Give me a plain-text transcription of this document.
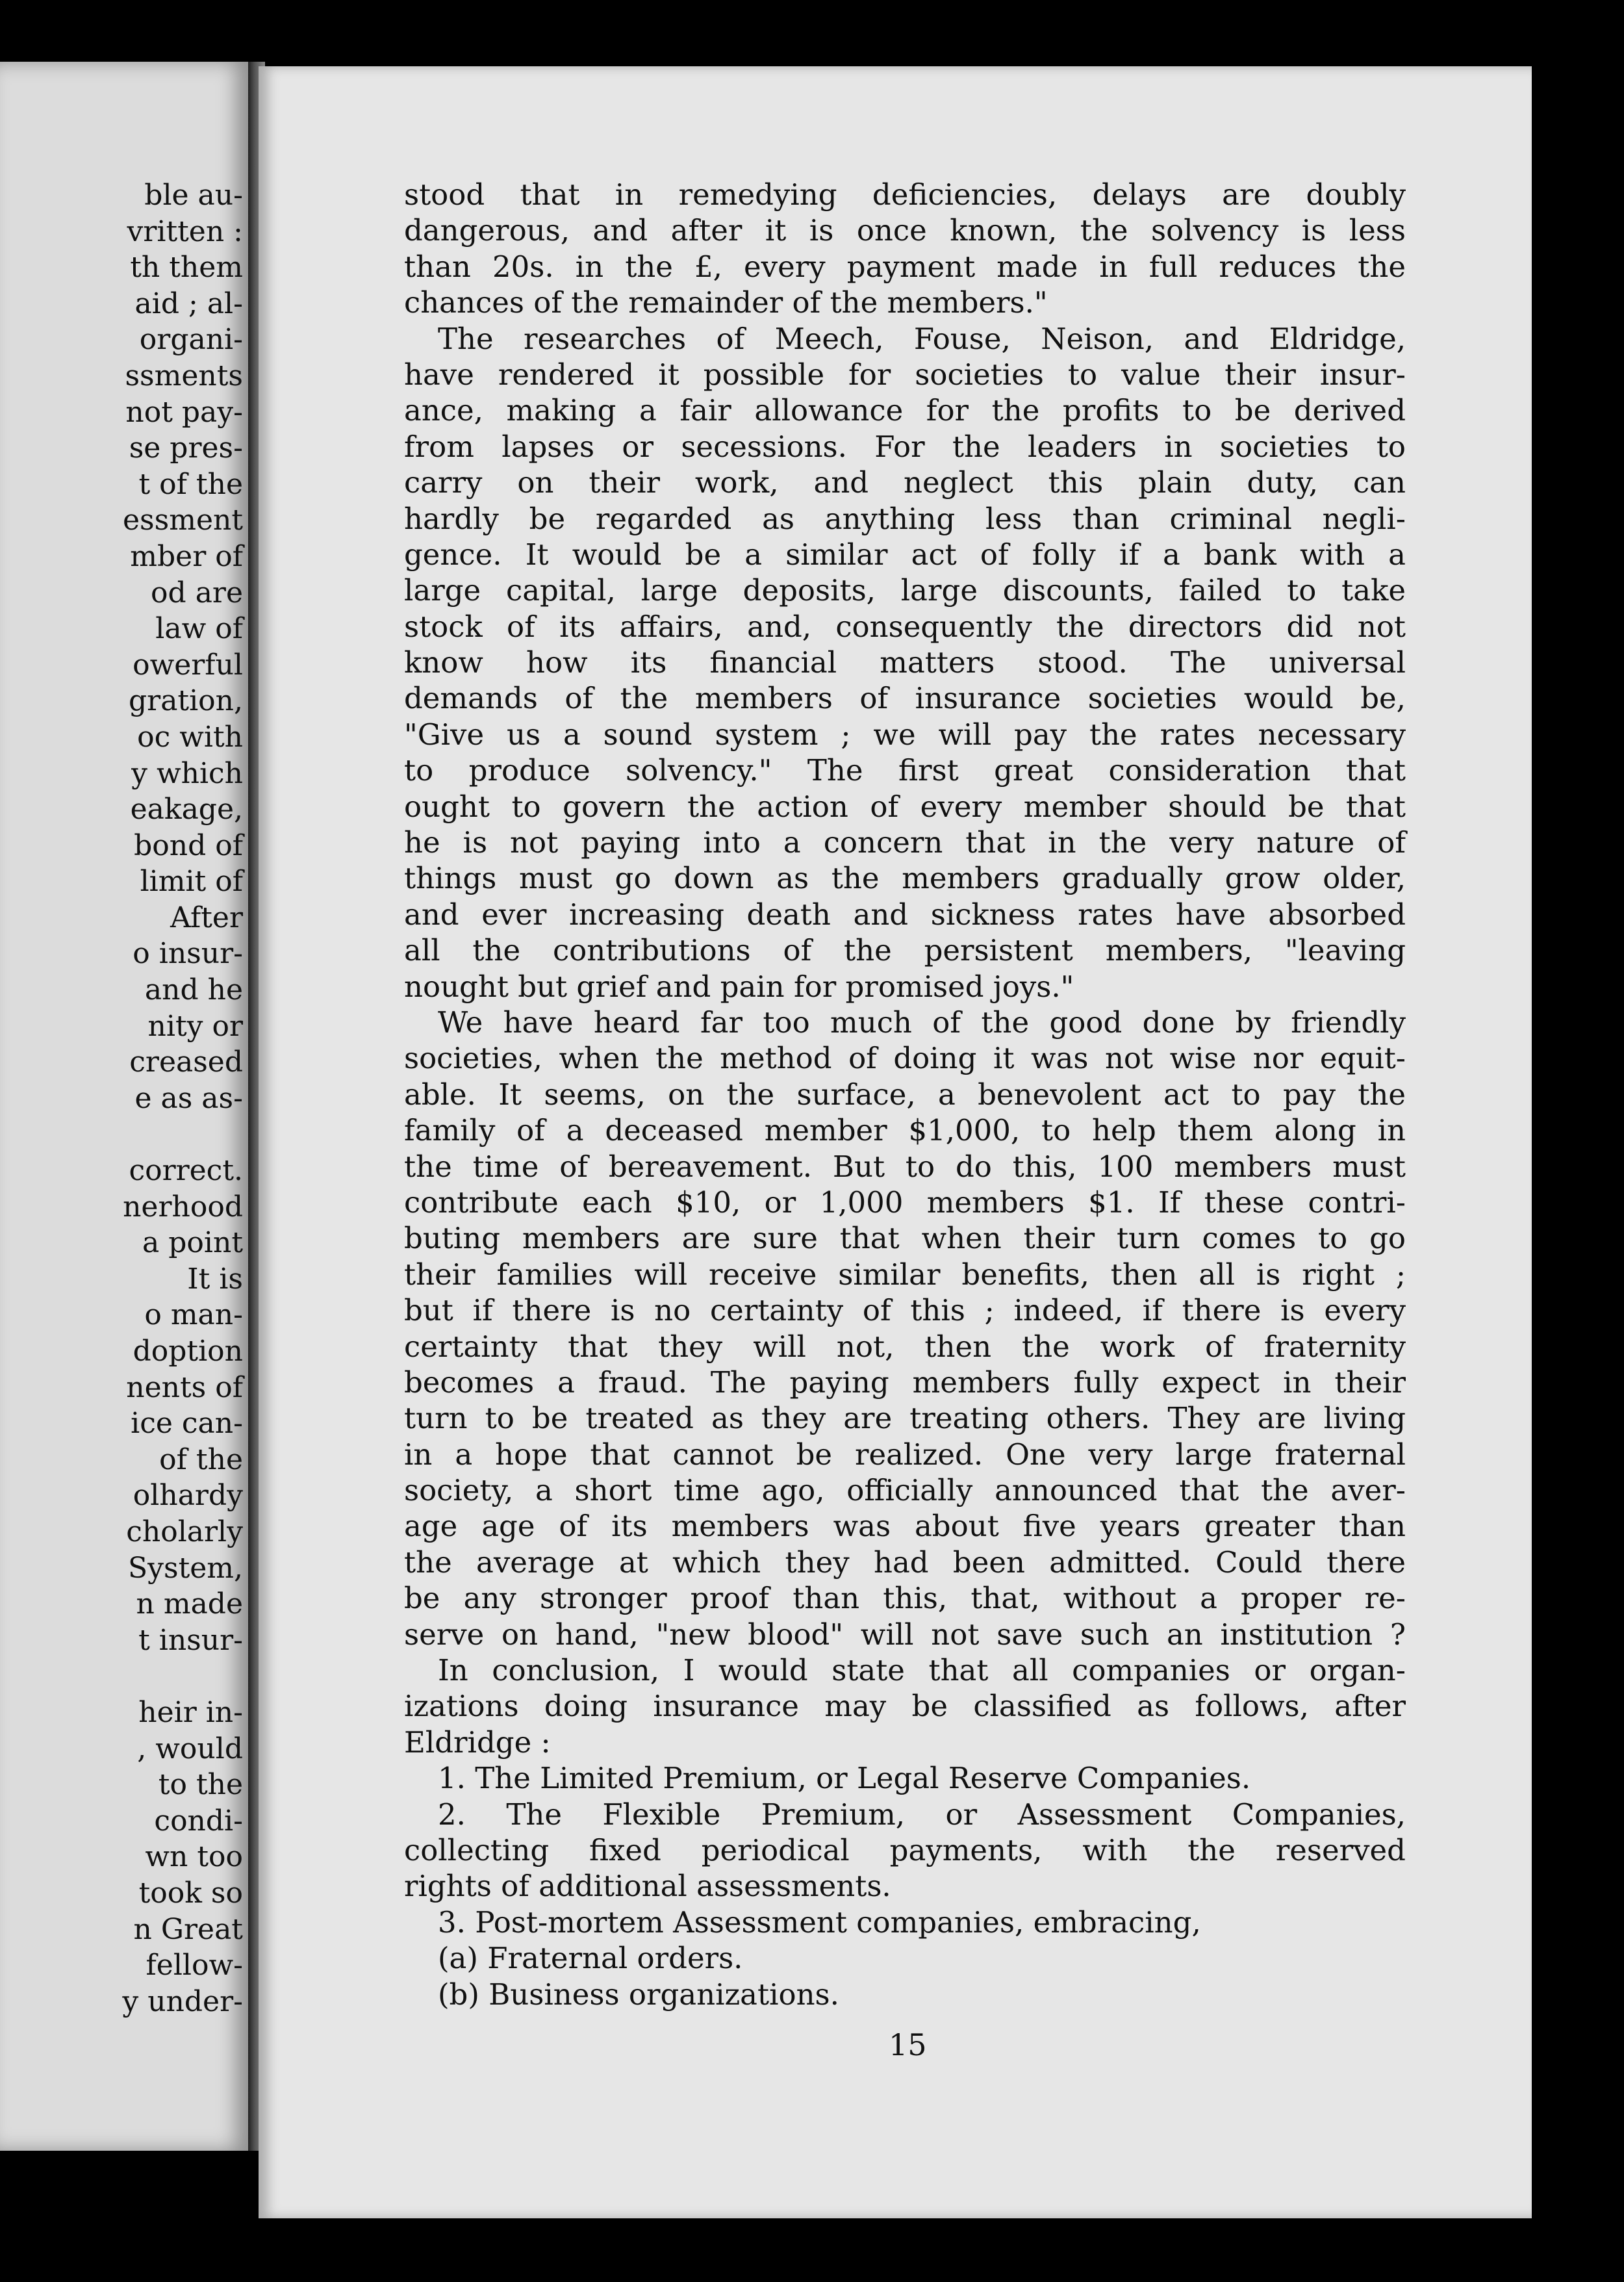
ble au-
vritten :
th them
aid ; al-
organi-
ssments
not pay-
se pres-
t of the
essment
mber of
od are
law of
owerful
gration,
oc with
y which
eakage,
bond of
limit of
After
o insur-
and he
nity or
creased
e as as-
correct.
nerhood
a point
It is
o man-
doption
nents of
ice can-
of the
olhardy
cholarly
System,
n made
t insur-
heir in-
, would
to the
condi-
wn too
took so
n Great
fellow-
y under-
stood that in remedying deficiencies, delays are doubly
dangerous, and after it is once known, the solvency is less
than 20s. in the £, every payment made in full reduces the
chances of the remainder of the members."
The researches of Meech, Fouse, Neison, and Eldridge,
have rendered it possible for societies to value their insur-
ance, making a fair allowance for the profits to be derived
from lapses or secessions. For the leaders in societies to
carry on their work, and neglect this plain duty, can
hardly be regarded as anything less than criminal negli-
gence. It would be a similar act of folly if a bank with a
large capital, large deposits, large discounts, failed to take
stock of its affairs, and, consequently the directors did not
know how its financial matters stood. The universal
demands of the members of insurance societies would be,
"Give us a sound system ; we will pay the rates necessary
to produce solvency." The first great consideration that
ought to govern the action of every member should be that
he is not paying into a concern that in the very nature of
things must go down as the members gradually grow older,
and ever increasing death and sickness rates have absorbed
all the contributions of the persistent members, "leaving
nought but grief and pain for promised joys."
We have heard far too much of the good done by friendly
societies, when the method of doing it was not wise nor equit-
able. It seems, on the surface, a benevolent act to pay the
family of a deceased member $1,000, to help them along in
the time of bereavement. But to do this, 100 members must
contribute each $10, or 1,000 members $1. If these contri-
buting members are sure that when their turn comes to go
their families will receive similar benefits, then all is right ;
but if there is no certainty of this ; indeed, if there is every
certainty that they will not, then the work of fraternity
becomes a fraud. The paying members fully expect in their
turn to be treated as they are treating others. They are living
in a hope that cannot be realized. One very large fraternal
society, a short time ago, officially announced that the aver-
age age of its members was about five years greater than
the average at which they had been admitted. Could there
be any stronger proof than this, that, without a proper re-
serve on hand, "new blood" will not save such an institution ?
In conclusion, I would state that all companies or organ-
izations doing insurance may be classified as follows, after
Eldridge :
1. The Limited Premium, or Legal Reserve Companies.
2. The Flexible Premium, or Assessment Companies,
collecting fixed periodical payments, with the reserved
rights of additional assessments.
3. Post-mortem Assessment companies, embracing,
(a) Fraternal orders.
(b) Business organizations.
15
